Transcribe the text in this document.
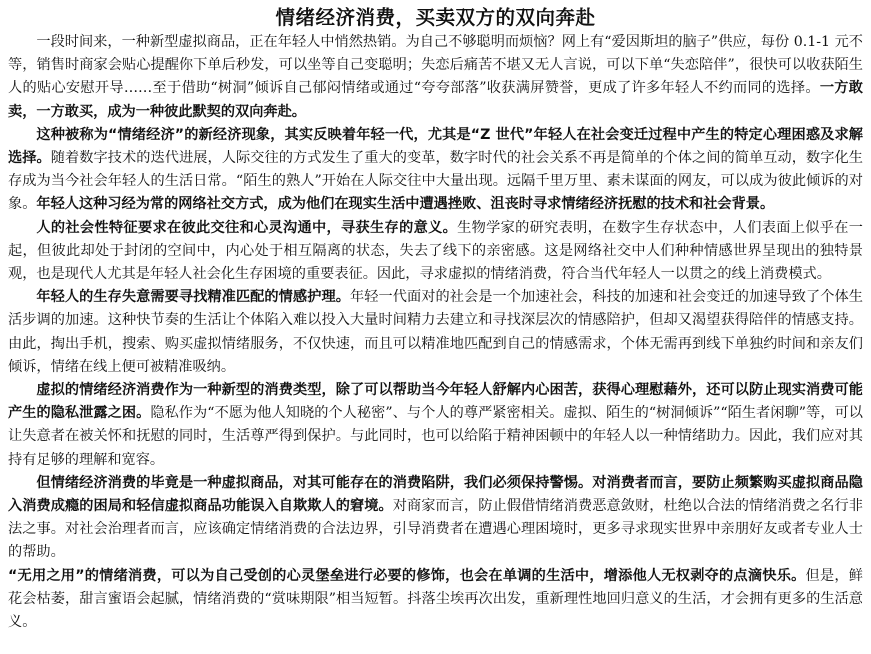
情绪经济消费，买卖双方的双向奔赴

一段时间来，一种新型虚拟商品，正在年轻人中悄然热销。为自己不够聪明而烦恼？网上有“爱因斯坦的脑子”供应，每份 0.1-1 元不等，销售时商家会贴心提醒你下单后秒发，可以坐等自己变聪明；失恋后痛苦不堪又无人言说，可以下单“失恋陪伴”，很快可以收获陌生人的贴心安慰开导……至于借助“树洞”倾诉自己郁闷情绪或通过“夸夸部落”收获满屏赞誉，更成了许多年轻人不约而同的选择。一方敢卖，一方敢买，成为一种彼此默契的双向奔赴。

这种被称为“情绪经济”的新经济现象，其实反映着年轻一代，尤其是“Z 世代”年轻人在社会变迁过程中产生的特定心理困惑及求解选择。随着数字技术的迭代进展，人际交往的方式发生了重大的变革，数字时代的社会关系不再是简单的个体之间的简单互动，数字化生存成为当今社会年轻人的生活日常。“陌生的熟人”开始在人际交往中大量出现。远隔千里万里、素未谋面的网友，可以成为彼此倾诉的对象。年轻人这种习经为常的网络社交方式，成为他们在现实生活中遭遇挫败、沮丧时寻求情绪经济抚慰的技术和社会背景。

人的社会性特征要求在彼此交往和心灵沟通中，寻获生存的意义。生物学家的研究表明，在数字生存状态中，人们表面上似乎在一起，但彼此却处于封闭的空间中，内心处于相互隔离的状态，失去了线下的亲密感。这是网络社交中人们种种情感世界呈现出的独特景观，也是现代人尤其是年轻人社会化生存困境的重要表征。因此，寻求虚拟的情绪消费，符合当代年轻人一以贯之的线上消费模式。

年轻人的生存失意需要寻找精准匹配的情感护理。年轻一代面对的社会是一个加速社会，科技的加速和社会变迁的加速导致了个体生活步调的加速。这种快节奏的生活让个体陷入难以投入大量时间精力去建立和寻找深层次的情感陪护，但却又渴望获得陪伴的情感支持。由此，掏出手机，搜索、购买虚拟情绪服务，不仅快速，而且可以精准地匹配到自己的情感需求，个体无需再到线下单独约时间和亲友们倾诉，情绪在线上便可被精准吸纳。

虚拟的情绪经济消费作为一种新型的消费类型，除了可以帮助当今年轻人舒解内心困苦，获得心理慰藉外，还可以防止现实消费可能产生的隐私泄露之困。隐私作为“不愿为他人知晓的个人秘密”、与个人的尊严紧密相关。虚拟、陌生的“树洞倾诉”“陌生者闲聊”等，可以让失意者在被关怀和抚慰的同时，生活尊严得到保护。与此同时，也可以给陷于精神困顿中的年轻人以一种情绪助力。因此，我们应对其持有足够的理解和宽容。

但情绪经济消费的毕竟是一种虚拟商品，对其可能存在的消费陷阱，我们必须保持警惕。对消费者而言，要防止频繁购买虚拟商品隐入消费成瘾的困局和轻信虚拟商品功能误入自欺欺人的窘境。对商家而言，防止假借情绪消费恶意敛财，杜绝以合法的情绪消费之名行非法之事。对社会治理者而言，应该确定情绪消费的合法边界，引导消费者在遭遇心理困境时，更多寻求现实世界中亲朋好友或者专业人士的帮助。

“无用之用”的情绪消费，可以为自己受创的心灵堡垒进行必要的修饰，也会在单调的生活中，增添他人无权剥夺的点滴快乐。但是，鲜花会枯萎，甜言蜜语会起腻，情绪消费的“赏味期限”相当短暂。抖落尘埃再次出发，重新理性地回归意义的生活，才会拥有更多的生活意义。
